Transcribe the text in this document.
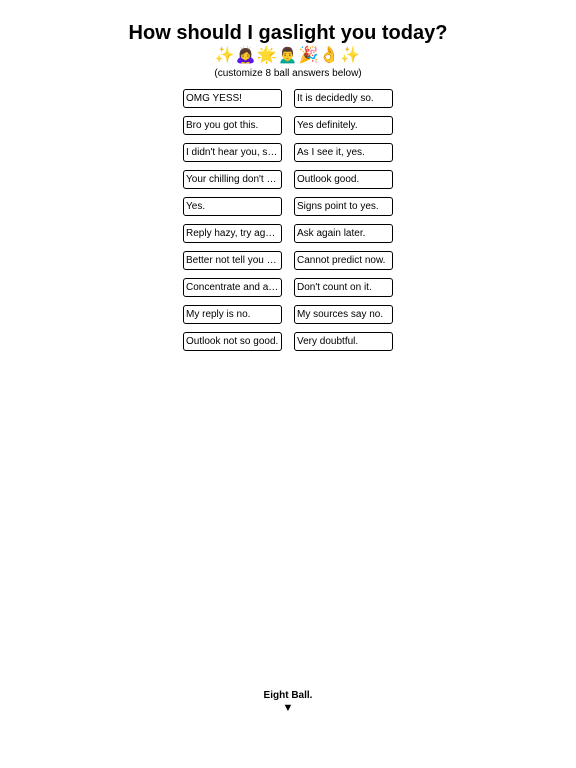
How should I gaslight you today?
✨🙇‍♀️🌟🙍‍♂️🎉👌✨
(customize 8 ball answers below)
OMG YESS!
It is decidedly so.
Bro you got this.
Yes definitely.
I didn't hear you, say that again.
As I see it, yes.
Your chilling don't worry.
Outlook good.
Yes.
Signs point to yes.
Reply hazy, try again.
Ask again later.
Better not tell you now.
Cannot predict now.
Concentrate and ask again.
Don't count on it.
My reply is no.
My sources say no.
Outlook not so good.
Very doubtful.
Eight Ball.
▼
